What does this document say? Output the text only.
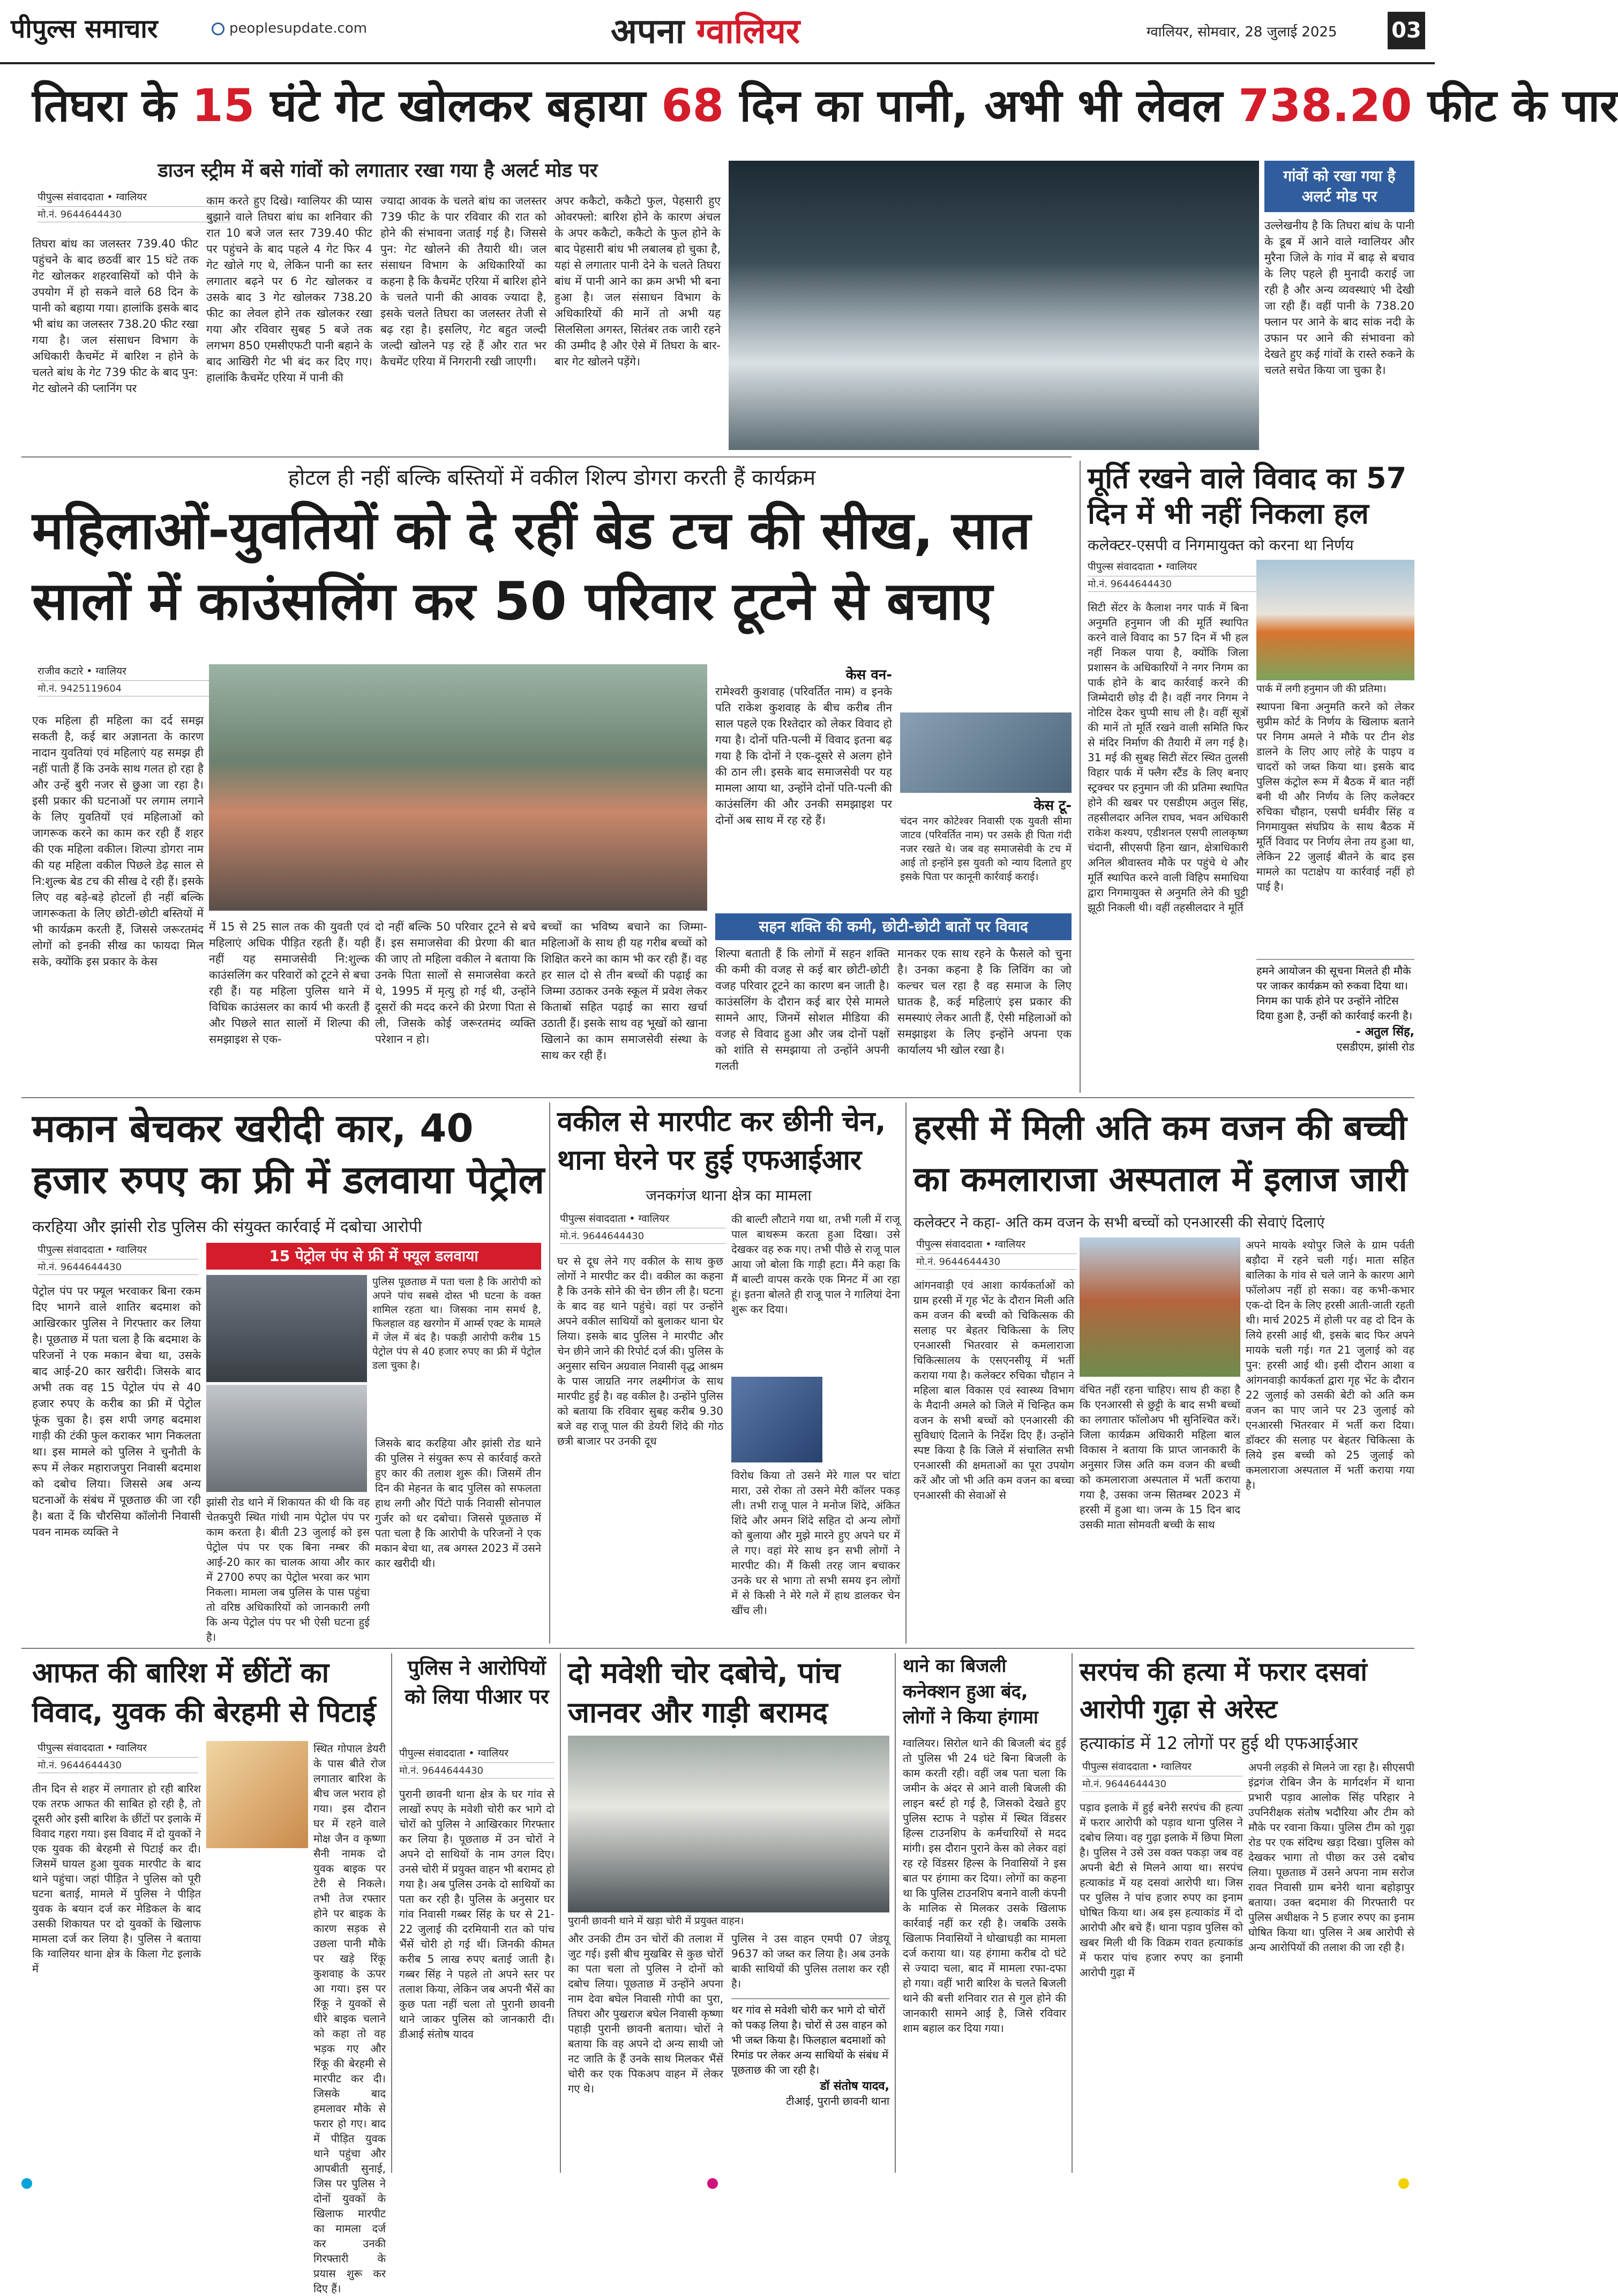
पीपुल्स समाचार	peoplesupdate.com	अपना ग्वालियर	ग्वालियर, सोमवार, 28 जुलाई 2025	03
तिघरा के 15 घंटे गेट खोलकर बहाया 68 दिन का पानी, अभी भी लेवल 738.20 फीट के पार
डाउन स्ट्रीम में बसे गांवों को लगातार रखा गया है अलर्ट मोड पर
पीपुल्स संवाददाता • ग्वालियर
मो.नं. 9644644430
तिघरा बांध का जलस्तर 739.40 फीट पहुंचने के बाद छठवीं बार 15 घंटे तक गेट खोलकर शहरवासियों को पीने के उपयोग में हो सकने वाले 68 दिन के पानी को बहाया गया। हालांकि इसके बाद भी बांध का जलस्तर 738.20 फीट रखा गया है। जल संसाधन विभाग के अधिकारी कैचमेंट में बारिश न होने के चलते बांध के गेट 739 फीट के बाद पुन: गेट खोलने की प्लानिंग पर
काम करते हुए दिखे। ग्वालियर की प्यास बुझाने वाले तिघरा बांध का शनिवार की रात 10 बजे जल स्तर 739.40 फीट पर पहुंचने के बाद पहले 4 गेट फिर 4 गेट खोले गए थे, लेकिन पानी का स्तर लगातार बढ़ने पर 6 गेट खोलकर व उसके बाद 3 गेट खोलकर 738.20 फीट का लेवल होने तक खोलकर रखा गया और रविवार सुबह 5 बजे तक लगभग 850 एमसीएफटी पानी बहाने के बाद आखिरी गेट भी बंद कर दिए गए। हालांकि कैचमेंट एरिया में पानी की
ज्यादा आवक के चलते बांध का जलस्तर 739 फीट के पार रविवार की रात को होने की संभावना जताई गई है। जिससे पुन: गेट खोलने की तैयारी थी। जल संसाधन विभाग के अधिकारियों का कहना है कि कैचमेंट एरिया में बारिश होने के चलते पानी की आवक ज्यादा है, इसके चलते तिघरा का जलस्तर तेजी से बढ़ रहा है। इसलिए, गेट बहुत जल्दी जल्दी खोलने पड़ रहे हैं और रात भर कैचमेंट एरिया में निगरानी रखी जाएगी।
अपर ककैटो, ककैटो फुल, पेहसारी हुए ओवरफ्लो: बारिश होने के कारण अंचल के अपर ककैटो, ककैटो के फुल होने के बाद पेहसारी बांध भी लबालब हो चुका है, यहां से लगातार पानी देने के चलते तिघरा बांध में पानी आने का क्रम अभी भी बना हुआ है। जल संसाधन विभाग के अधिकारियों की मानें तो अभी यह सिलसिला अगस्त, सितंबर तक जारी रहने की उम्मीद है और ऐसे में तिघरा के बार-बार गेट खोलने पड़ेंगे।
गांवों को रखा गया है अलर्ट मोड पर
उल्लेखनीय है कि तिघरा बांध के पानी के डूब में आने वाले ग्वालियर और मुरैना जिले के गांव में बाढ़ से बचाव के लिए पहले ही मुनादी कराई जा रही है और अन्य व्यवस्थाएं भी देखी जा रही हैं। वहीं पानी के 738.20 फ्लान पर आने के बाद सांक नदी के उफान पर आने की संभावना को देखते हुए कई गांवों के रास्ते रुकने के चलते सचेत किया जा चुका है।
होटल ही नहीं बल्कि बस्तियों में वकील शिल्प डोगरा करती हैं कार्यक्रम
महिलाओं-युवतियों को दे रहीं बेड टच की सीख, सात सालों में काउंसलिंग कर 50 परिवार टूटने से बचाए
राजीव कटारे • ग्वालियर
मो.नं. 9425119604
एक महिला ही महिला का दर्द समझ सकती है, कई बार अज्ञानता के कारण नादान युवतियां एवं महिलाएं यह समझ ही नहीं पाती हैं कि उनके साथ गलत हो रहा है और उन्हें बुरी नजर से छुआ जा रहा है। इसी प्रकार की घटनाओं पर लगाम लगाने के लिए युवतियों एवं महिलाओं को जागरूक करने का काम कर रही हैं शहर की एक महिला वकील। शिल्पा डोगरा नाम की यह महिला वकील पिछले डेढ़ साल से नि:शुल्क बेड टच की सीख दे रही हैं। इसके लिए वह बड़े-बड़े होटलों ही नहीं बल्कि जागरूकता के लिए छोटी-छोटी बस्तियों में भी कार्यक्रम करती हैं, जिससे जरूरतमंद लोगों को इनकी सीख का फायदा मिल सके, क्योंकि इस प्रकार के केस
में 15 से 25 साल तक की युवती एवं महिलाएं अधिक पीड़ित रहती हैं। यही नहीं यह समाजसेवी नि:शुल्क काउंसलिंग कर परिवारों को टूटने से बचा रही हैं। यह महिला पुलिस थाने में विधिक काउंसलर का कार्य भी करती हैं और पिछले सात सालों में शिल्पा की समझाइश से एक-
दो नहीं बल्कि 50 परिवार टूटने से बचे हैं। इस समाजसेवा की प्रेरणा की बात की जाए तो महिला वकील ने बताया कि उनके पिता सालों से समाजसेवा करते थे, 1995 में मृत्यु हो गई थी, उन्होंने दूसरों की मदद करने की प्रेरणा पिता से ली, जिसके कोई जरूरतमंद व्यक्ति परेशान न हो।
बच्चों का भविष्य बचाने का जिम्मा- महिलाओं के साथ ही यह गरीब बच्चों को शिक्षित करने का काम भी कर रही हैं। वह हर साल दो से तीन बच्चों की पढ़ाई का जिम्मा उठाकर उनके स्कूल में प्रवेश लेकर किताबों सहित पढ़ाई का सारा खर्चा उठाती हैं। इसके साथ वह भूखों को खाना खिलाने का काम समाजसेवी संस्था के साथ कर रही हैं।
केस वन-
रामेश्वरी कुशवाह (परिवर्तित नाम) व इनके पति राकेश कुशवाह के बीच करीब तीन साल पहले एक रिश्तेदार को लेकर विवाद हो गया है। दोनों पति-पत्नी में विवाद इतना बढ़ गया है कि दोनों ने एक-दूसरे से अलग होने की ठान ली। इसके बाद समाजसेवी पर यह मामला आया था, उन्होंने दोनों पति-पत्नी की काउंसलिंग की और उनकी समझाइश पर दोनों अब साथ में रह रहे हैं।
केस टू-
चंदन नगर कोटेश्वर निवासी एक युवती सीमा जाटव (परिवर्तित नाम) पर उसके ही पिता गंदी नजर रखते थे। जब वह समाजसेवी के टच में आई तो इन्होंने इस युवती को न्याय दिलाते हुए इसके पिता पर कानूनी कार्रवाई कराई।
सहन शक्ति की कमी, छोटी-छोटी बातों पर विवाद
शिल्पा बताती हैं कि लोगों में सहन शक्ति की कमी की वजह से कई बार छोटी-छोटी वजह परिवार टूटने का कारण बन जाती है। काउंसलिंग के दौरान कई बार ऐसे मामले सामने आए, जिनमें सोशल मीडिया की वजह से विवाद हुआ और जब दोनों पक्षों को शांति से समझाया तो उन्होंने अपनी गलती
मानकर एक साथ रहने के फैसले को चुना है। उनका कहना है कि लिविंग का जो कल्चर चल रहा है वह समाज के लिए घातक है, कई महिलाएं इस प्रकार की समस्याएं लेकर आती हैं, ऐसी महिलाओं को समझाइश के लिए इन्होंने अपना एक कार्यालय भी खोल रखा है।
मूर्ति रखने वाले विवाद का 57 दिन में भी नहीं निकला हल
कलेक्टर-एसपी व निगमायुक्त को करना था निर्णय
पीपुल्स संवाददाता • ग्वालियर
मो.नं. 9644644430
सिटी सेंटर के कैलाश नगर पार्क में बिना अनुमति हनुमान जी की मूर्ति स्थापित करने वाले विवाद का 57 दिन में भी हल नहीं निकल पाया है, क्योंकि जिला प्रशासन के अधिकारियों ने नगर निगम का पार्क होने के बाद कार्रवाई करने की जिम्मेदारी छोड़ दी है। वहीं नगर निगम ने नोटिस देकर चुप्पी साध ली है। वहीं सूत्रों की मानें तो मूर्ति रखने वाली समिति फिर से मंदिर निर्माण की तैयारी में लग गई है। 31 मई की सुबह सिटी सेंटर स्थित तुलसी विहार पार्क में फ्लैग स्टैंड के लिए बनाए स्ट्रक्चर पर हनुमान जी की प्रतिमा स्थापित होने की खबर पर एसडीएम अतुल सिंह, तहसीलदार अनिल राघव, भवन अधिकारी राकेश कश्यप, एडीशनल एसपी लालकृष्ण चंदानी, सीएसपी हिना खान, क्षेत्राधिकारी अनिल श्रीवास्तव मौके पर पहुंचे थे और मूर्ति स्थापित करने वाली विहिप समाधिया द्वारा निगमायुक्त से अनुमति लेने की घुट्टी झूठी निकली थी। वहीं तहसीलदार ने मूर्ति
पार्क में लगी हनुमान जी की प्रतिमा।
स्थापना बिना अनुमति करने को लेकर सुप्रीम कोर्ट के निर्णय के खिलाफ बताने पर निगम अमले ने मौके पर टीन शेड डालने के लिए आए लोहे के पाइप व चादरों को जब्त किया था। इसके बाद पुलिस कंट्रोल रूम में बैठक में बात नहीं बनी थी और निर्णय के लिए कलेक्टर रुचिका चौहान, एसपी धर्मवीर सिंह व निगमायुक्त संघप्रिय के साथ बैठक में मूर्ति विवाद पर निर्णय लेना तय हुआ था, लेकिन 22 जुलाई बीतने के बाद इस मामले का पटाक्षेप या कार्रवाई नहीं हो पाई है।
हमने आयोजन की सूचना मिलते ही मौके पर जाकर कार्यक्रम को रुकवा दिया था। निगम का पार्क होने पर उन्होंने नोटिस दिया हुआ है, उन्हीं को कार्रवाई करनी है।
- अतुल सिंह,
एसडीएम, झांसी रोड
मकान बेचकर खरीदी कार, 40 हजार रुपए का फ्री में डलवाया पेट्रोल
करहिया और झांसी रोड पुलिस की संयुक्त कार्रवाई में दबोचा आरोपी
पीपुल्स संवाददाता • ग्वालियर
मो.नं. 9644644430
15 पेट्रोल पंप से फ्री में फ्यूल डलवाया
पुलिस पूछताछ में पता चला है कि आरोपी को अपने पांच सबसे दोस्त भी घटना के वक्त शामिल रहता था। जिसका नाम समर्थ है, फिलहाल वह खरगोन में आर्म्स एक्ट के मामले में जेल में बंद है। पकड़ी आरोपी करीब 15 पेट्रोल पंप से 40 हजार रुपए का फ्री में पेट्रोल डला चुका है।
पेट्रोल पंप पर फ्यूल भरवाकर बिना रकम दिए भागने वाले शातिर बदमाश को आखिरकार पुलिस ने गिरफ्तार कर लिया है। पूछताछ में पता चला है कि बदमाश के परिजनों ने एक मकान बेचा था, उसके बाद आई-20 कार खरीदी। जिसके बाद अभी तक वह 15 पेट्रोल पंप से 40 हजार रुपए के करीब का फ्री में पेट्रोल फूंक चुका है। इस शपी जगह बदमाश गाड़ी की टंकी फुल कराकर भाग निकलता था। इस मामले को पुलिस ने चुनौती के रूप में लेकर महाराजपुरा निवासी बदमाश को दबोच लिया। जिससे अब अन्य घटनाओं के संबंध में पूछताछ की जा रही है। बता दें कि चौरसिया कॉलोनी निवासी पवन नामक व्यक्ति ने
झांसी रोड थाने में शिकायत की थी कि वह चेतकपुरी स्थित गांधी नाम पेट्रोल पंप पर काम करता है। बीती 23 जुलाई को इस पेट्रोल पंप पर एक बिना नम्बर की आई-20 कार का चालक आया और कार में 2700 रुपए का पेट्रोल भरवा कर भाग निकला। मामला जब पुलिस के पास पहुंचा तो वरिष्ठ अधिकारियों को जानकारी लगी कि अन्य पेट्रोल पंप पर भी ऐसी घटना हुई है।
जिसके बाद करहिया और झांसी रोड थाने की पुलिस ने संयुक्त रूप से कार्रवाई करते हुए कार की तलाश शुरू की। जिसमें तीन दिन की मेहनत के बाद पुलिस को सफलता हाथ लगी और पिंटो पार्क निवासी सोनपाल गुर्जर को धर दबोचा। जिससे पूछताछ में पता चला है कि आरोपी के परिजनों ने एक मकान बेचा था, तब अगस्त 2023 में उसने कार खरीदी थी।
वकील से मारपीट कर छीनी चेन, थाना घेरने पर हुई एफआईआर
जनकगंज थाना क्षेत्र का मामला
पीपुल्स संवाददाता • ग्वालियर
मो.नं. 9644644430
घर से दूध लेने गए वकील के साथ कुछ लोगों ने मारपीट कर दी। वकील का कहना है कि उनके सोने की चेन छीन ली है। घटना के बाद वह थाने पहुंचे। वहां पर उन्होंने अपने वकील साथियों को बुलाकर थाना घेर लिया। इसके बाद पुलिस ने मारपीट और चेन छीने जाने की रिपोर्ट दर्ज की। पुलिस के अनुसार सचिन अग्रवाल निवासी वृद्ध आश्रम के पास जाग्रति नगर लक्ष्मीगंज के साथ मारपीट हुई है। वह वकील है। उन्होंने पुलिस को बताया कि रविवार सुबह करीब 9.30 बजे वह राजू पाल की डेयरी शिंदे की गोठ छत्री बाजार पर उनकी दूध
की बाल्टी लौटाने गया था, तभी गली में राजू पाल बाथरूम करता हुआ दिखा। उसे देखकर वह रुक गए। तभी पीछे से राजू पाल आया जो बोला कि गाड़ी हटा। मैंने कहा कि मैं बाल्टी वापस करके एक मिनट में आ रहा हूं। इतना बोलते ही राजू पाल ने गालियां देना शुरू कर दिया।
विरोध किया तो उसने मेरे गाल पर चांटा मारा, उसे रोका तो उसने मेरी कॉलर पकड़ ली। तभी राजू पाल ने मनोज शिंदे, अंकित शिंदे और अमन शिंदे सहित दो अन्य लोगों को बुलाया और मुझे मारने हुए अपने घर में ले गए। वहां मेरे साथ इन सभी लोगों ने मारपीट की। मैं किसी तरह जान बचाकर उनके घर से भागा तो सभी समय इन लोगों में से किसी ने मेरे गले में हाथ डालकर चेन खींच ली।
हरसी में मिली अति कम वजन की बच्ची का कमलाराजा अस्पताल में इलाज जारी
कलेक्टर ने कहा- अति कम वजन के सभी बच्चों को एनआरसी की सेवाएं दिलाएं
पीपुल्स संवाददाता • ग्वालियर
मो.नं. 9644644430
आंगनवाड़ी एवं आशा कार्यकर्ताओं को ग्राम हरसी में गृह भेंट के दौरान मिली अति कम वजन की बच्ची को चिकित्सक की सलाह पर बेहतर चिकित्सा के लिए एनआरसी भितरवार से कमलाराजा चिकित्सालय के एसएनसीयू में भर्ती कराया गया है। कलेक्टर रुचिका चौहान ने महिला बाल विकास एवं स्वास्थ्य विभाग के मैदानी अमले को जिले में चिन्हित कम वजन के सभी बच्चों को एनआरसी की सुविधाएं दिलाने के निर्देश दिए हैं। उन्होंने स्पष्ट किया है कि जिले में संचालित सभी एनआरसी की क्षमताओं का पूरा उपयोग करें और जो भी अति कम वजन का बच्चा एनआरसी की सेवाओं से
वंचित नहीं रहना चाहिए। साथ ही कहा है कि एनआरसी से छुट्टी के बाद सभी बच्चों का लगातार फॉलोअप भी सुनिश्चित करें। जिला कार्यक्रम अधिकारी महिला बाल विकास ने बताया कि प्राप्त जानकारी के अनुसार जिस अति कम वजन की बच्ची को कमलाराजा अस्पताल में भर्ती कराया गया है, उसका जन्म सितम्बर 2023 में हरसी में हुआ था। जन्म के 15 दिन बाद उसकी माता सोमवती बच्ची के साथ
अपने मायके श्योपुर जिले के ग्राम पर्वती बड़ौदा में रहने चली गई। माता सहित बालिका के गांव से चले जाने के कारण आगे फॉलोअप नहीं हो सका। वह कभी-कभार एक-दो दिन के लिए हरसी आती-जाती रहती थी। मार्च 2025 में होली पर वह दो दिन के लिये हरसी आई थी, इसके बाद फिर अपने मायके चली गई। गत 21 जुलाई को वह पुन: हरसी आई थी। इसी दौरान आशा व आंगनवाड़ी कार्यकर्ता द्वारा गृह भेंट के दौरान 22 जुलाई को उसकी बेटी को अति कम वजन का पाए जाने पर 23 जुलाई को एनआरसी भितरवार में भर्ती करा दिया। डॉक्टर की सलाह पर बेहतर चिकित्सा के लिये इस बच्ची को 25 जुलाई को कमलाराजा अस्पताल में भर्ती कराया गया है।
आफत की बारिश में छींटों का विवाद, युवक की बेरहमी से पिटाई
पीपुल्स संवाददाता • ग्वालियर
मो.नं. 9644644430
तीन दिन से शहर में लगातार हो रही बारिश एक तरफ आफत की साबित हो रही है, तो दूसरी ओर इसी बारिश के छींटों पर इलाके में विवाद गहरा गया। इस विवाद में दो युवकों ने एक युवक की बेरहमी से पिटाई कर दी। जिसमें घायल हुआ युवक मारपीट के बाद थाने पहुंचा। जहां पीड़ित ने पुलिस को पूरी घटना बताई, मामले में पुलिस ने पीड़ित युवक के बयान दर्ज कर मेडिकल के बाद उसकी शिकायत पर दो युवकों के खिलाफ मामला दर्ज कर लिया है। पुलिस ने बताया कि ग्वालियर थाना क्षेत्र के किला गेट इलाके में
स्थित गोपाल डेयरी के पास बीते रोज लगातार बारिश के बीच जल भराव हो गया। इस दौरान घर में रहने वाले मोक्ष जैन व कृष्णा सैनी नामक दो युवक बाइक पर टेरी से निकले। तभी तेज रफ्तार होने पर बाइक के कारण सड़क से उछला पानी मौके पर खड़े रिंकू कुशवाह के ऊपर आ गया। इस पर रिंकू ने युवकों से धीरे बाइक चलाने को कहा तो वह भड़क गए और रिंकू की बेरहमी से मारपीट कर दी। जिसके बाद हमलावर मौके से फरार हो गए। बाद में पीड़ित युवक थाने पहुंचा और आपबीती सुनाई, जिस पर पुलिस ने दोनों युवकों के खिलाफ मारपीट का मामला दर्ज कर उनकी गिरफ्तारी के प्रयास शुरू कर दिए हैं।
पुलिस ने आरोपियों को लिया पीआर पर
पीपुल्स संवाददाता • ग्वालियर
मो.नं. 9644644430
पुरानी छावनी थाना क्षेत्र के घर गांव से लाखों रुपए के मवेशी चोरी कर भागे दो चोरों को पुलिस ने आखिरकार गिरफ्तार कर लिया है। पूछताछ में उन चोरों ने अपने दो साथियों के नाम उगल दिए। उनसे चोरी में प्रयुक्त वाहन भी बरामद हो गया है। अब पुलिस उनके दो साथियों का पता कर रही है। पुलिस के अनुसार घर गांव निवासी गब्बर सिंह के घर से 21-22 जुलाई की दरमियानी रात को पांच भैंसें चोरी हो गई थीं। जिनकी कीमत करीब 5 लाख रुपए बताई जाती है। गब्बर सिंह ने पहले तो अपने स्तर पर तलाश किया, लेकिन जब अपनी भैंसें का कुछ पता नहीं चला तो पुरानी छावनी थाने जाकर पुलिस को जानकारी दी। डीआई संतोष यादव
दो मवेशी चोर दबोचे, पांच जानवर और गाड़ी बरामद
पुरानी छावनी थाने में खड़ा चोरी में प्रयुक्त वाहन।
और उनकी टीम उन चोरों की तलाश में जुट गई। इसी बीच मुखबिर से कुछ चोरों का पता चला तो पुलिस ने दोनों को दबोच लिया। पूछताछ में उन्होंने अपना नाम देवा बघेल निवासी गोपी का पुरा, तिघरा और पुखराज बघेल निवासी कृष्णा पहाड़ी पुरानी छावनी बताया। चोरों ने बताया कि वह अपने दो अन्य साथी जो नट जाति के हैं उनके साथ मिलकर भैंसें चोरी कर एक पिकअप वाहन में लेकर गए थे।
पुलिस ने उस वाहन एमपी 07 जेडयू 9637 को जब्त कर लिया है। अब उनके बाकी साथियों की पुलिस तलाश कर रही है।
थर गांव से मवेशी चोरी कर भागे दो चोरों को पकड़ लिया है। चोरों से उस वाहन को भी जब्त किया है। फिलहाल बदमाशों को रिमांड पर लेकर अन्य साथियों के संबंध में पूछताछ की जा रही है।
डॉ संतोष यादव,
टीआई, पुरानी छावनी थाना
थाने का बिजली कनेक्शन हुआ बंद, लोगों ने किया हंगामा
ग्वालियर। सिरोल थाने की बिजली बंद हुई तो पुलिस भी 24 घंटे बिना बिजली के काम करती रही। वहीं जब पता चला कि जमीन के अंदर से आने वाली बिजली की लाइन बर्स्ट हो गई है, जिसको देखते हुए पुलिस स्टाफ ने पड़ोस में स्थित विंडसर हिल्स टाउनशिप के कर्मचारियों से मदद मांगी। इस दौरान पुराने केस को लेकर वहां रह रहे विंडसर हिल्स के निवासियों ने इस बात पर हंगामा कर दिया। लोगों का कहना था कि पुलिस टाउनशिप बनाने वाली कंपनी के मालिक से मिलकर उसके खिलाफ कार्रवाई नहीं कर रही है। जबकि उसके खिलाफ निवासियों ने धोखाधड़ी का मामला दर्ज कराया था। यह हंगामा करीब दो घंटे से ज्यादा चला, बाद में मामला रफा-दफा हो गया। वहीं भारी बारिश के चलते बिजली थाने की बत्ती शनिवार रात से गुल होने की जानकारी सामने आई है, जिसे रविवार शाम बहाल कर दिया गया।
सरपंच की हत्या में फरार दसवां आरोपी गुढ़ा से अरेस्ट
हत्याकांड में 12 लोगों पर हुई थी एफआईआर
पीपुल्स संवाददाता • ग्वालियर
मो.नं. 9644644430
पड़ाव इलाके में हुई बनेरी सरपंच की हत्या में फरार आरोपी को पड़ाव थाना पुलिस ने दबोच लिया। वह गुढ़ा इलाके में छिपा मिला है। पुलिस ने उसे उस वक्त पकड़ा जब वह अपनी बेटी से मिलने आया था। सरपंच हत्याकांड में यह दसवां आरोपी था। जिस पर पुलिस ने पांच हजार रुपए का इनाम घोषित किया था। अब इस हत्याकांड में दो आरोपी और बचे हैं। थाना पड़ाव पुलिस को खबर मिली थी कि विक्रम रावत हत्याकांड में फरार पांच हजार रुपए का इनामी आरोपी गुढ़ा में
अपनी लड़की से मिलने जा रहा है। सीएसपी इंद्रगंज रोबिन जैन के मार्गदर्शन में थाना प्रभारी पड़ाव आलोक सिंह परिहार ने उपनिरीक्षक संतोष भदौरिया और टीम को मौके पर रवाना किया। पुलिस टीम को गुढ़ा रोड पर एक संदिग्ध खड़ा दिखा। पुलिस को देखकर भागा तो पीछा कर उसे दबोच लिया। पूछताछ में उसने अपना नाम सरोज रावत निवासी ग्राम बनेरी थाना बहोड़ापुर बताया। उक्त बदमाश की गिरफ्तारी पर पुलिस अधीक्षक ने 5 हजार रुपए का इनाम घोषित किया था। पुलिस ने अब आरोपी से अन्य आरोपियों की तलाश की जा रही है।
